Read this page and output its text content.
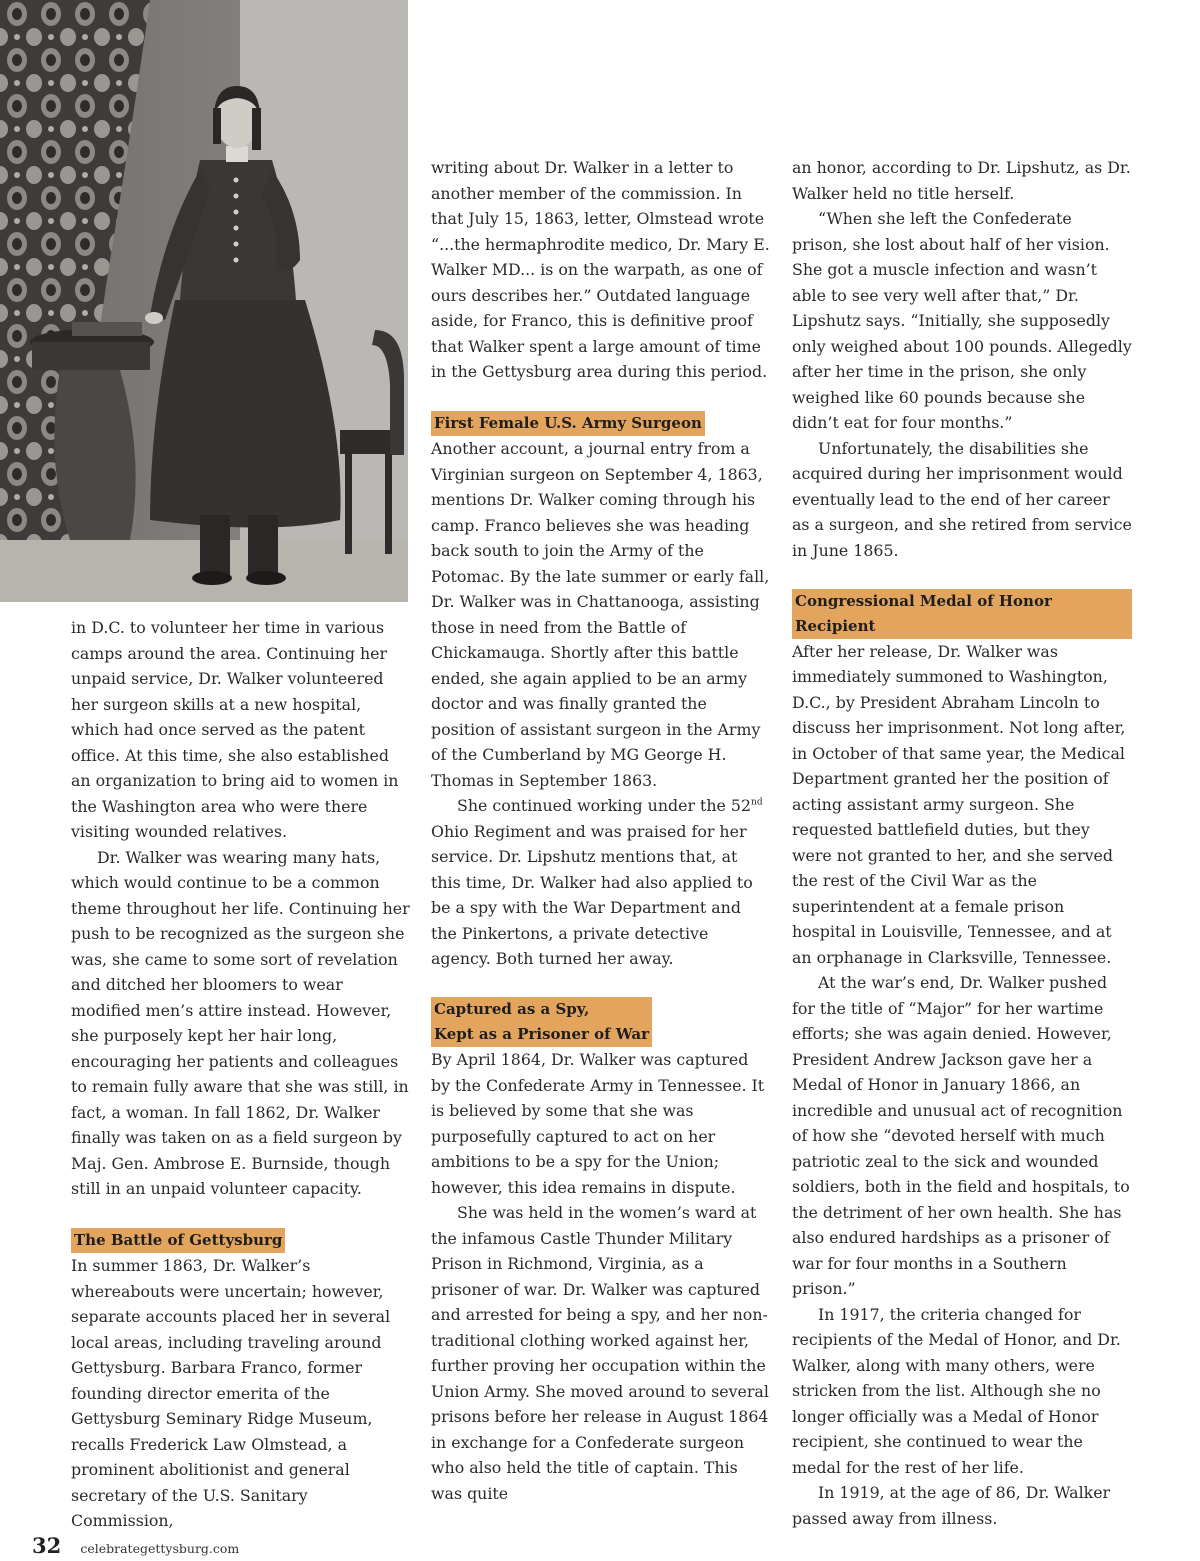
in D.C. to volunteer her time in various camps around the area. Continuing her unpaid service, Dr. Walker volunteered her surgeon skills at a new hospital, which had once served as the patent office. At this time, she also established an organization to bring aid to women in the Washington area who were there visiting wounded relatives.

Dr. Walker was wearing many hats, which would continue to be a common theme throughout her life. Continuing her push to be recognized as the surgeon she was, she came to some sort of revelation and ditched her bloomers to wear modified men’s attire instead. However, she purposely kept her hair long, encouraging her patients and colleagues to remain fully aware that she was still, in fact, a woman. In fall 1862, Dr. Walker finally was taken on as a field surgeon by Maj. Gen. Ambrose E. Burnside, though still in an unpaid volunteer capacity.

The Battle of Gettysburg

In summer 1863, Dr. Walker’s whereabouts were uncertain; however, separate accounts placed her in several local areas, including traveling around Gettysburg. Barbara Franco, former founding director emerita of the Gettysburg Seminary Ridge Museum, recalls Frederick Law Olmstead, a prominent abolitionist and general secretary of the U.S. Sanitary Commission,

writing about Dr. Walker in a letter to another member of the commission. In that July 15, 1863, letter, Olmstead wrote “...the hermaphrodite medico, Dr. Mary E. Walker MD... is on the warpath, as one of ours describes her.” Outdated language aside, for Franco, this is definitive proof that Walker spent a large amount of time in the Gettysburg area during this period.

First Female U.S. Army Surgeon

Another account, a journal entry from a Virginian surgeon on September 4, 1863, mentions Dr. Walker coming through his camp. Franco believes she was heading back south to join the Army of the Potomac. By the late summer or early fall, Dr. Walker was in Chattanooga, assisting those in need from the Battle of Chickamauga. Shortly after this battle ended, she again applied to be an army doctor and was finally granted the position of assistant surgeon in the Army of the Cumberland by MG George H. Thomas in September 1863.

She continued working under the 52nd Ohio Regiment and was praised for her service. Dr. Lipshutz mentions that, at this time, Dr. Walker had also applied to be a spy with the War Department and the Pinkertons, a private detective agency. Both turned her away.

Captured as a Spy,
Kept as a Prisoner of War

By April 1864, Dr. Walker was captured by the Confederate Army in Tennessee. It is believed by some that she was purposefully captured to act on her ambitions to be a spy for the Union; however, this idea remains in dispute.

She was held in the women’s ward at the infamous Castle Thunder Military Prison in Richmond, Virginia, as a prisoner of war. Dr. Walker was captured and arrested for being a spy, and her non-traditional clothing worked against her, further proving her occupation within the Union Army. She moved around to several prisons before her release in August 1864 in exchange for a Confederate surgeon who also held the title of captain. This was quite

an honor, according to Dr. Lipshutz, as Dr. Walker held no title herself.

“When she left the Confederate prison, she lost about half of her vision. She got a muscle infection and wasn’t able to see very well after that,” Dr. Lipshutz says. “Initially, she supposedly only weighed about 100 pounds. Allegedly after her time in the prison, she only weighed like 60 pounds because she didn’t eat for four months.”

Unfortunately, the disabilities she acquired during her imprisonment would eventually lead to the end of her career as a surgeon, and she retired from service in June 1865.

Congressional Medal of Honor Recipient

After her release, Dr. Walker was immediately summoned to Washington, D.C., by President Abraham Lincoln to discuss her imprisonment. Not long after, in October of that same year, the Medical Department granted her the position of acting assistant army surgeon. She requested battlefield duties, but they were not granted to her, and she served the rest of the Civil War as the superintendent at a female prison hospital in Louisville, Tennessee, and at an orphanage in Clarksville, Tennessee.

At the war’s end, Dr. Walker pushed for the title of “Major” for her wartime efforts; she was again denied. However, President Andrew Jackson gave her a Medal of Honor in January 1866, an incredible and unusual act of recognition of how she “devoted herself with much patriotic zeal to the sick and wounded soldiers, both in the field and hospitals, to the detriment of her own health. She has also endured hardships as a prisoner of war for four months in a Southern prison.”

In 1917, the criteria changed for recipients of the Medal of Honor, and Dr. Walker, along with many others, were stricken from the list. Although she no longer officially was a Medal of Honor recipient, she continued to wear the medal for the rest of her life.

In 1919, at the age of 86, Dr. Walker passed away from illness.

32 celebrategettysburg.com
